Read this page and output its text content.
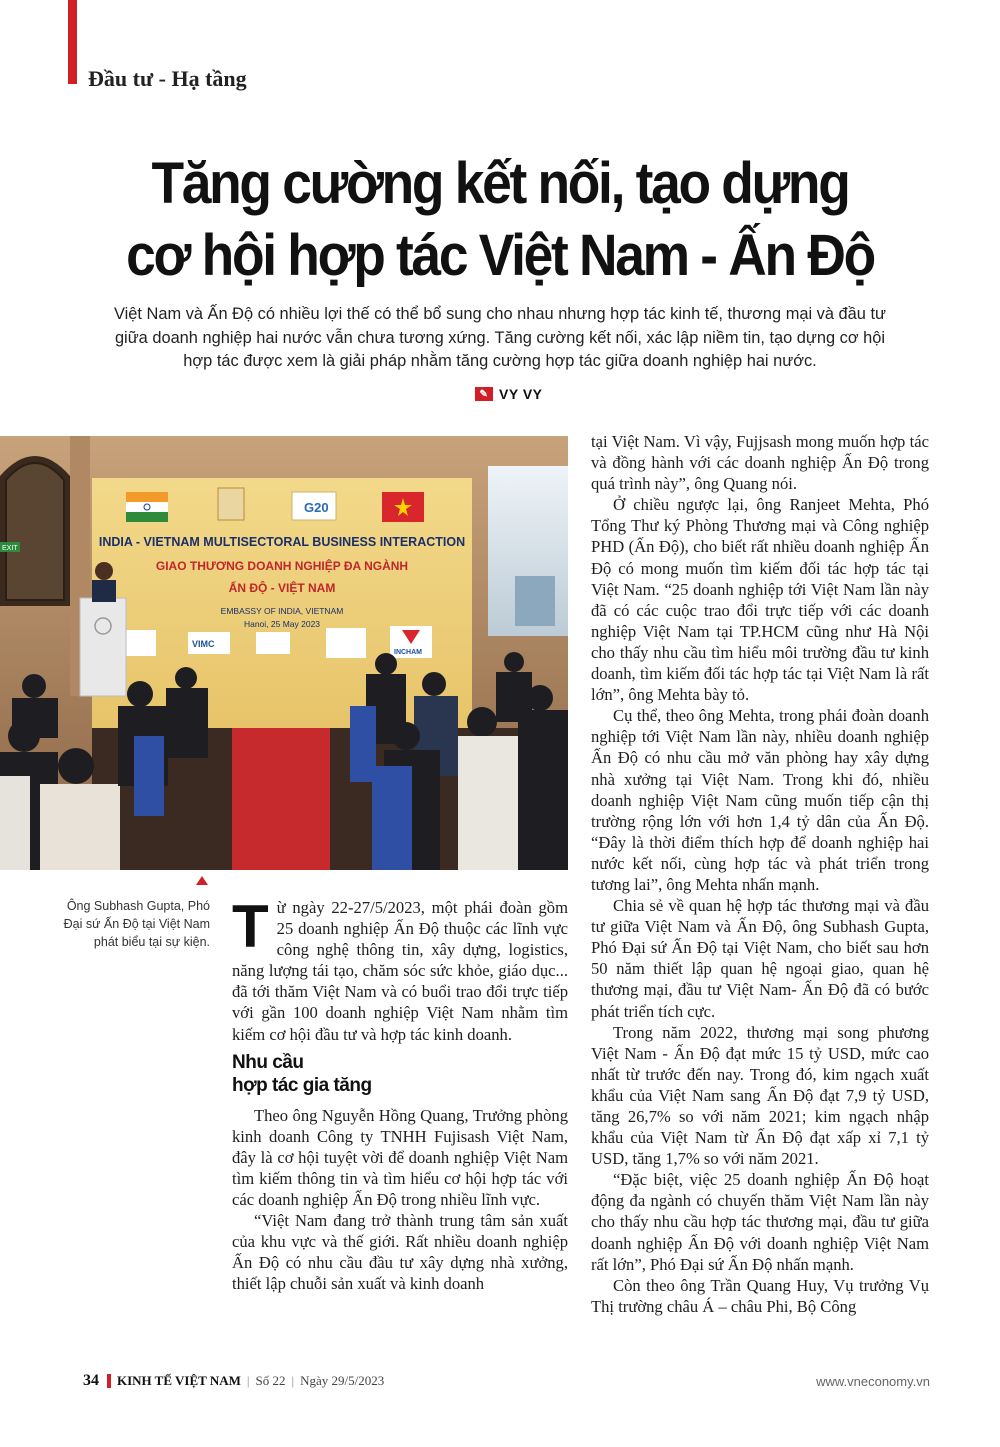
Đầu tư - Hạ tầng
Tăng cường kết nối, tạo dựng
cơ hội hợp tác Việt Nam - Ấn Độ
Việt Nam và Ấn Độ có nhiều lợi thế có thể bổ sung cho nhau nhưng hợp tác kinh tế, thương mại và đầu tư giữa doanh nghiệp hai nước vẫn chưa tương xứng. Tăng cường kết nối, xác lập niềm tin, tạo dựng cơ hội hợp tác được xem là giải pháp nhằm tăng cường hợp tác giữa doanh nghiệp hai nước.
✎ VY VY
G20
INDIA - VIETNAM MULTISECTORAL BUSINESS INTERACTION
GIAO THƯƠNG DOANH NGHIỆP ĐA NGÀNH
ẤN ĐỘ - VIỆT NAM
EMBASSY OF INDIA, VIETNAM
Hanoi, 25 May 2023
VIMC
INCHAM
EXIT
Ông Subhash Gupta, Phó Đại sứ Ấn Độ tại Việt Nam phát biểu tại sự kiện. Từ ngày 22-27/5/2023, một phái đoàn gồm 25 doanh nghiệp Ấn Độ thuộc các lĩnh vực công nghệ thông tin, xây dựng, logistics, năng lượng tái tạo, chăm sóc sức khỏe, giáo dục... đã tới thăm Việt Nam và có buổi trao đổi trực tiếp với gần 100 doanh nghiệp Việt Nam nhằm tìm kiếm cơ hội đầu tư và hợp tác kinh doanh.

Nhu cầu
hợp tác gia tăng

Theo ông Nguyễn Hồng Quang, Trưởng phòng kinh doanh Công ty TNHH Fujisash Việt Nam, đây là cơ hội tuyệt vời để doanh nghiệp Việt Nam tìm kiếm thông tin và tìm hiểu cơ hội hợp tác với các doanh nghiệp Ấn Độ trong nhiều lĩnh vực.

“Việt Nam đang trở thành trung tâm sản xuất của khu vực và thế giới. Rất nhiều doanh nghiệp Ấn Độ có nhu cầu đầu tư xây dựng nhà xưởng, thiết lập chuỗi sản xuất và kinh doanh

tại Việt Nam. Vì vậy, Fujjsash mong muốn hợp tác và đồng hành với các doanh nghiệp Ấn Độ trong quá trình này”, ông Quang nói.

Ở chiều ngược lại, ông Ranjeet Mehta, Phó Tổng Thư ký Phòng Thương mại và Công nghiệp PHD (Ấn Độ), cho biết rất nhiều doanh nghiệp Ấn Độ có mong muốn tìm kiếm đối tác hợp tác tại Việt Nam. “25 doanh nghiệp tới Việt Nam lần này đã có các cuộc trao đổi trực tiếp với các doanh nghiệp Việt Nam tại TP.HCM cũng như Hà Nội cho thấy nhu cầu tìm hiểu môi trường đầu tư kinh doanh, tìm kiếm đối tác hợp tác tại Việt Nam là rất lớn”, ông Mehta bày tỏ.

Cụ thể, theo ông Mehta, trong phái đoàn doanh nghiệp tới Việt Nam lần này, nhiều doanh nghiệp Ấn Độ có nhu cầu mở văn phòng hay xây dựng nhà xưởng tại Việt Nam. Trong khi đó, nhiều doanh nghiệp Việt Nam cũng muốn tiếp cận thị trường rộng lớn với hơn 1,4 tỷ dân của Ấn Độ. “Đây là thời điểm thích hợp để doanh nghiệp hai nước kết nối, cùng hợp tác và phát triển trong tương lai”, ông Mehta nhấn mạnh.

Chia sẻ về quan hệ hợp tác thương mại và đầu tư giữa Việt Nam và Ấn Độ, ông Subhash Gupta, Phó Đại sứ Ấn Độ tại Việt Nam, cho biết sau hơn 50 năm thiết lập quan hệ ngoại giao, quan hệ thương mại, đầu tư Việt Nam- Ấn Độ đã có bước phát triển tích cực.

Trong năm 2022, thương mại song phương Việt Nam - Ấn Độ đạt mức 15 tỷ USD, mức cao nhất từ trước đến nay. Trong đó, kim ngạch xuất khẩu của Việt Nam sang Ấn Độ đạt 7,9 tỷ USD, tăng 26,7% so với năm 2021; kim ngạch nhập khẩu của Việt Nam từ Ấn Độ đạt xấp xỉ 7,1 tỷ USD, tăng 1,7% so với năm 2021.

“Đặc biệt, việc 25 doanh nghiệp Ấn Độ hoạt động đa ngành có chuyến thăm Việt Nam lần này cho thấy nhu cầu hợp tác thương mại, đầu tư giữa doanh nghiệp Ấn Độ với doanh nghiệp Việt Nam rất lớn”, Phó Đại sứ Ấn Độ nhấn mạnh.

Còn theo ông Trần Quang Huy, Vụ trưởng Vụ Thị trường châu Á – châu Phi, Bộ Công

34 KINH TẾ VIỆT NAM | Số 22 | Ngày 29/5/2023	www.vneconomy.vn
